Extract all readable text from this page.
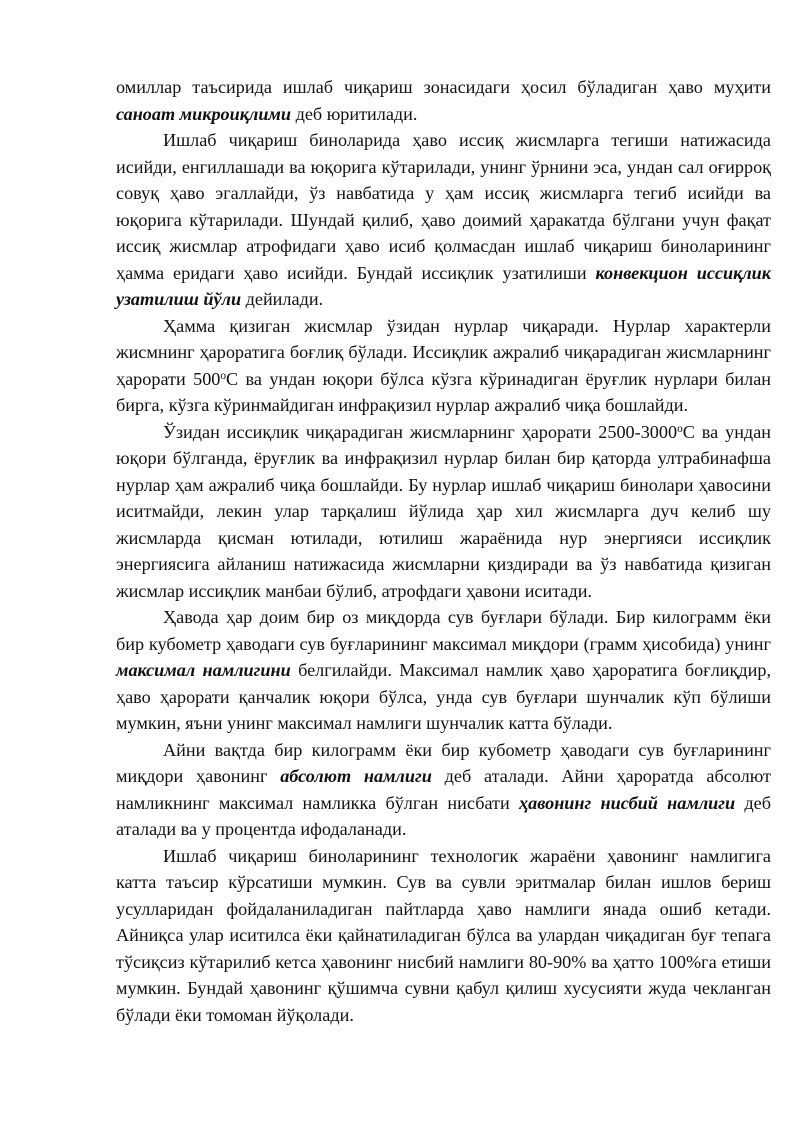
омиллар таъсирида ишлаб чиқариш зонасидаги ҳосил бўладиган ҳаво муҳити саноат микроиқлими деб юритилади.

Ишлаб чиқариш биноларида ҳаво иссиқ жисмларга тегиши натижасида исийди, енгиллашади ва юқорига кўтарилади, унинг ўрнини эса, ундан сал оғирроқ совуқ ҳаво эгаллайди, ўз навбатида у ҳам иссиқ жисмларга тегиб исийди ва юқорига кўтарилади. Шундай қилиб, ҳаво доимий ҳаракатда бўлгани учун фақат иссиқ жисмлар атрофидаги ҳаво исиб қолмасдан ишлаб чиқариш биноларининг ҳамма еридаги ҳаво исийди. Бундай иссиқлик узатилиши конвекцион иссиқлик узатилиш йўли дейилади.

Ҳамма қизиган жисмлар ўзидан нурлар чиқаради. Нурлар характерли жисмнинг ҳароратига боғлиқ бўлади. Иссиқлик ажралиб чиқарадиган жисмларнинг ҳарорати $500^оС$ ва ундан юқори бўлса кўзга кўринадиган ёруғлик нурлари билан бирга, кўзга кўринмайдиган инфрақизил нурлар ажралиб чиқа бошлайди.

Ўзидан иссиқлик чиқарадиган жисмларнинг ҳарорати $2500-3000^оС$ ва ундан юқори бўлганда, ёруғлик ва инфрақизил нурлар билан бир қаторда ултрабинафша нурлар ҳам ажралиб чиқа бошлайди. Бу нурлар ишлаб чиқариш бинолари ҳавосини иситмайди, лекин улар тарқалиш йўлида ҳар хил жисмларга дуч келиб шу жисмларда қисман ютилади, ютилиш жараёнида нур энергияси иссиқлик энергиясига айланиш натижасида жисмларни қиздиради ва ўз навбатида қизиган жисмлар иссиқлик манбаи бўлиб, атрофдаги ҳавони иситади.

Ҳаводa ҳар доим бир оз миқдорда сув буғлари бўлади. Бир килограмм ёки бир кубометр ҳаводаги сув буғларининг максимал миқдори (грамм ҳисобида) унинг максимал намлигини белгилайди. Максимал намлик ҳаво ҳароратига боғлиқдир, ҳаво ҳарорати қанчалик юқори бўлса, унда сув буғлари шунчалик кўп бўлиши мумкин, яъни унинг максимал намлиги шунчалик катта бўлади.

Айни вақтда бир килограмм ёки бир кубометр ҳаводаги сув буғларининг миқдори ҳавонинг абсолют намлиги деб аталади. Айни ҳароратда абсолют намликнинг максимал намликка бўлган нисбати ҳавонинг нисбий намлиги деб аталади ва у процентда ифодаланади.

Ишлаб чиқариш биноларининг технологик жараёни ҳавонинг намлигига катта таъсир кўрсатиши мумкин. Сув ва сувли эритмалар билан ишлов бериш усулларидан фойдаланиладиган пайтларда ҳаво намлиги янада ошиб кетади. Айниқса улар иситилса ёки қайнатиладиган бўлса ва улардан чиқадиган буғ тепага тўсиқсиз кўтарилиб кетса ҳавонинг нисбий намлиги 80-90% ва ҳатто 100%га етиши мумкин. Бундай ҳавонинг қўшимча сувни қабул қилиш хусусияти жуда чекланган бўлади ёки томоман йўқолади.
